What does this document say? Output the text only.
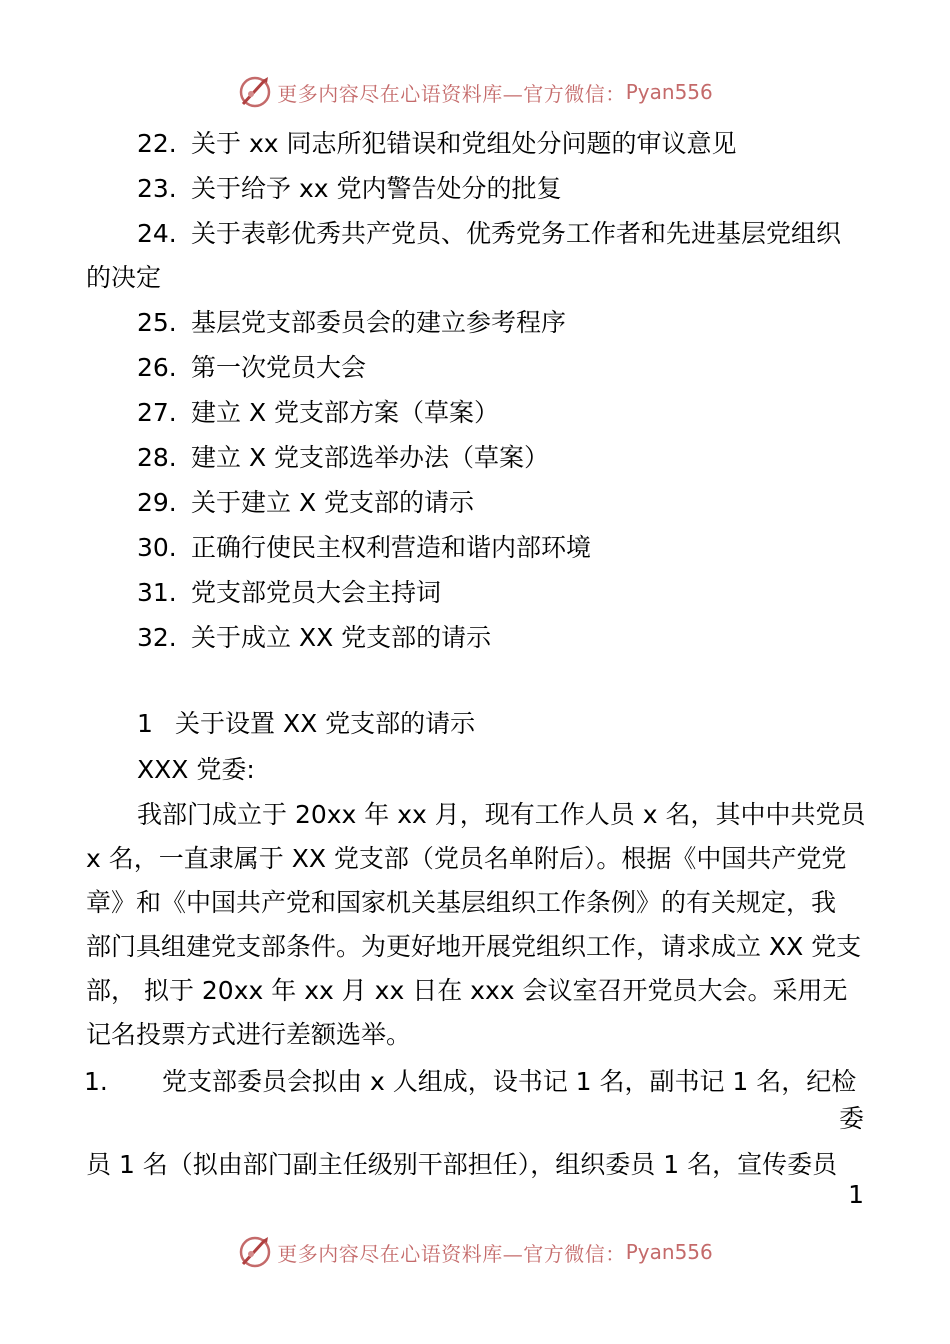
更多内容尽在心语资料库—官方微信： Pyan556
22. 关于 xx 同志所犯错误和党组处分问题的审议意见
23. 关于给予 xx 党内警告处分的批复
24. 关于表彰优秀共产党员、优秀党务工作者和先进基层党组织
的决定
25. 基层党支部委员会的建立参考程序
26. 第一次党员大会
27. 建立 X 党支部方案（草案）
28. 建立 X 党支部选举办法（草案）
29. 关于建立 X 党支部的请示
30. 正确行使民主权利营造和谐内部环境
31. 党支部党员大会主持词
32. 关于成立 XX 党支部的请示
1 关于设置 XX 党支部的请示
XXX 党委:
我部门成立于 20xx 年 xx 月，现有工作人员 x 名，其中中共党员
x 名，一直隶属于 XX 党支部（党员名单附后）。根据《中国共产党党
章》和《中国共产党和国家机关基层组织工作条例》的有关规定，我
部门具组建党支部条件。为更好地开展党组织工作，请求成立 XX 党支
部， 拟于 20xx 年 xx 月 xx 日在 xxx 会议室召开党员大会。采用无
记名投票方式进行差额选举。
1. 党支部委员会拟由 x 人组成，设书记 1 名，副书记 1 名，纪检
委
员 1 名（拟由部门副主任级别干部担任），组织委员 1 名，宣传委员
1
更多内容尽在心语资料库—官方微信： Pyan556
